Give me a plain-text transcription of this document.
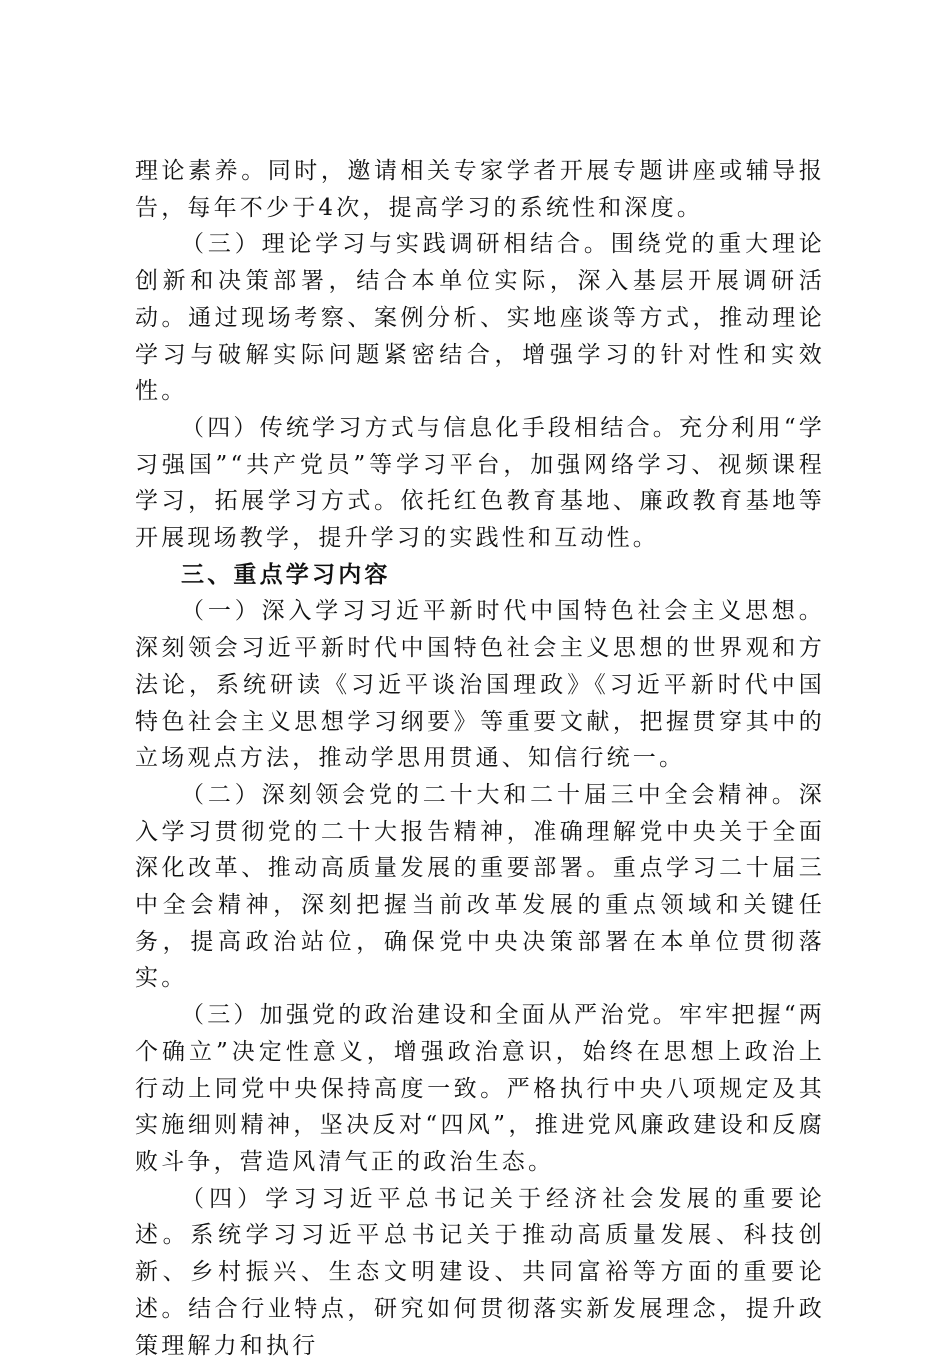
理论素养。同时，邀请相关专家学者开展专题讲座或辅导报告，每年不少于4次，提高学习的系统性和深度。

（三）理论学习与实践调研相结合。围绕党的重大理论创新和决策部署，结合本单位实际，深入基层开展调研活动。通过现场考察、案例分析、实地座谈等方式，推动理论学习与破解实际问题紧密结合，增强学习的针对性和实效性。

（四）传统学习方式与信息化手段相结合。充分利用“学习强国”“共产党员”等学习平台，加强网络学习、视频课程学习，拓展学习方式。依托红色教育基地、廉政教育基地等开展现场教学，提升学习的实践性和互动性。

三、重点学习内容

（一）深入学习习近平新时代中国特色社会主义思想。深刻领会习近平新时代中国特色社会主义思想的世界观和方法论，系统研读《习近平谈治国理政》《习近平新时代中国特色社会主义思想学习纲要》等重要文献，把握贯穿其中的立场观点方法，推动学思用贯通、知信行统一。

（二）深刻领会党的二十大和二十届三中全会精神。深入学习贯彻党的二十大报告精神，准确理解党中央关于全面深化改革、推动高质量发展的重要部署。重点学习二十届三中全会精神，深刻把握当前改革发展的重点领域和关键任务，提高政治站位，确保党中央决策部署在本单位贯彻落实。

（三）加强党的政治建设和全面从严治党。牢牢把握“两个确立”决定性意义，增强政治意识，始终在思想上政治上行动上同党中央保持高度一致。严格执行中央八项规定及其实施细则精神，坚决反对“四风”，推进党风廉政建设和反腐败斗争，营造风清气正的政治生态。

（四）学习习近平总书记关于经济社会发展的重要论述。系统学习习近平总书记关于推动高质量发展、科技创新、乡村振兴、生态文明建设、共同富裕等方面的重要论述。结合行业特点，研究如何贯彻落实新发展理念，提升政策理解力和执行
